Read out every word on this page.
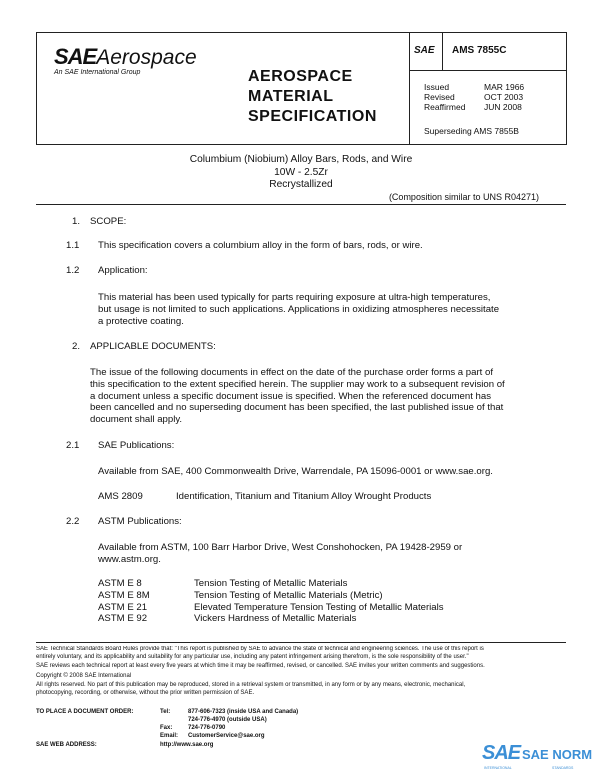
SAEAerospace
An SAE International Group	AEROSPACE
MATERIAL
SPECIFICATION
SAE AMS 7855C
Issued	MAR 1966
Revised	OCT 2003
Reaffirmed JUN 2008
Superseding AMS 7855B
Columbium (Niobium) Alloy Bars, Rods, and Wire
10W - 2.5Zr
Recrystallized
(Composition similar to UNS R04271)
1. SCOPE:
1.1 This specification covers a columbium alloy in the form of bars, rods, or wire.
1.2 Application:
This material has been used typically for parts requiring exposure at ultra-high temperatures,
but usage is not limited to such applications. Applications in oxidizing atmospheres necessitate
a protective coating.
2. APPLICABLE DOCUMENTS:
The issue of the following documents in effect on the date of the purchase order forms a part of
this specification to the extent specified herein. The supplier may work to a subsequent revision of
a document unless a specific document issue is specified. When the referenced document has
been cancelled and no superseding document has been specified, the last published issue of that
document shall apply.
2.1 SAE Publications:
Available from SAE, 400 Commonwealth Drive, Warrendale, PA 15096-0001 or www.sae.org.
AMS 2809	Identification, Titanium and Titanium Alloy Wrought Products
2.2 ASTM Publications:
Available from ASTM, 100 Barr Harbor Drive, West Conshohocken, PA 19428-2959 or
www.astm.org.
ASTM E 8	Tension Testing of Metallic Materials
ASTM E 8M	Tension Testing of Metallic Materials (Metric)
ASTM E 21	Elevated Temperature Tension Testing of Metallic Materials
ASTM E 92	Vickers Hardness of Metallic Materials
SAE Technical Standards Board Rules provide that: "This report is published by SAE to advance the state of technical and engineering sciences. The use of this report is
entirely voluntary, and its applicability and suitability for any particular use, including any patent infringement arising therefrom, is the sole responsibility of the user."
SAE reviews each technical report at least every five years at which time it may be reaffirmed, revised, or cancelled. SAE invites your written comments and suggestions.
Copyright © 2008 SAE International
All rights reserved. No part of this publication may be reproduced, stored in a retrieval system or transmitted, in any form or by any means, electronic, mechanical,
photocopying, recording, or otherwise, without the prior written permission of SAE.
TO PLACE A DOCUMENT ORDER:	Tel:	877-606-7323 (inside USA and Canada)
724-776-4970 (outside USA)
Fax:	724-776-0790
Email: CustomerService@sae.org
SAE WEB ADDRESS:	http://www.sae.org	SAE SAE NORM
INTERNATIONAL	STANDARDS
